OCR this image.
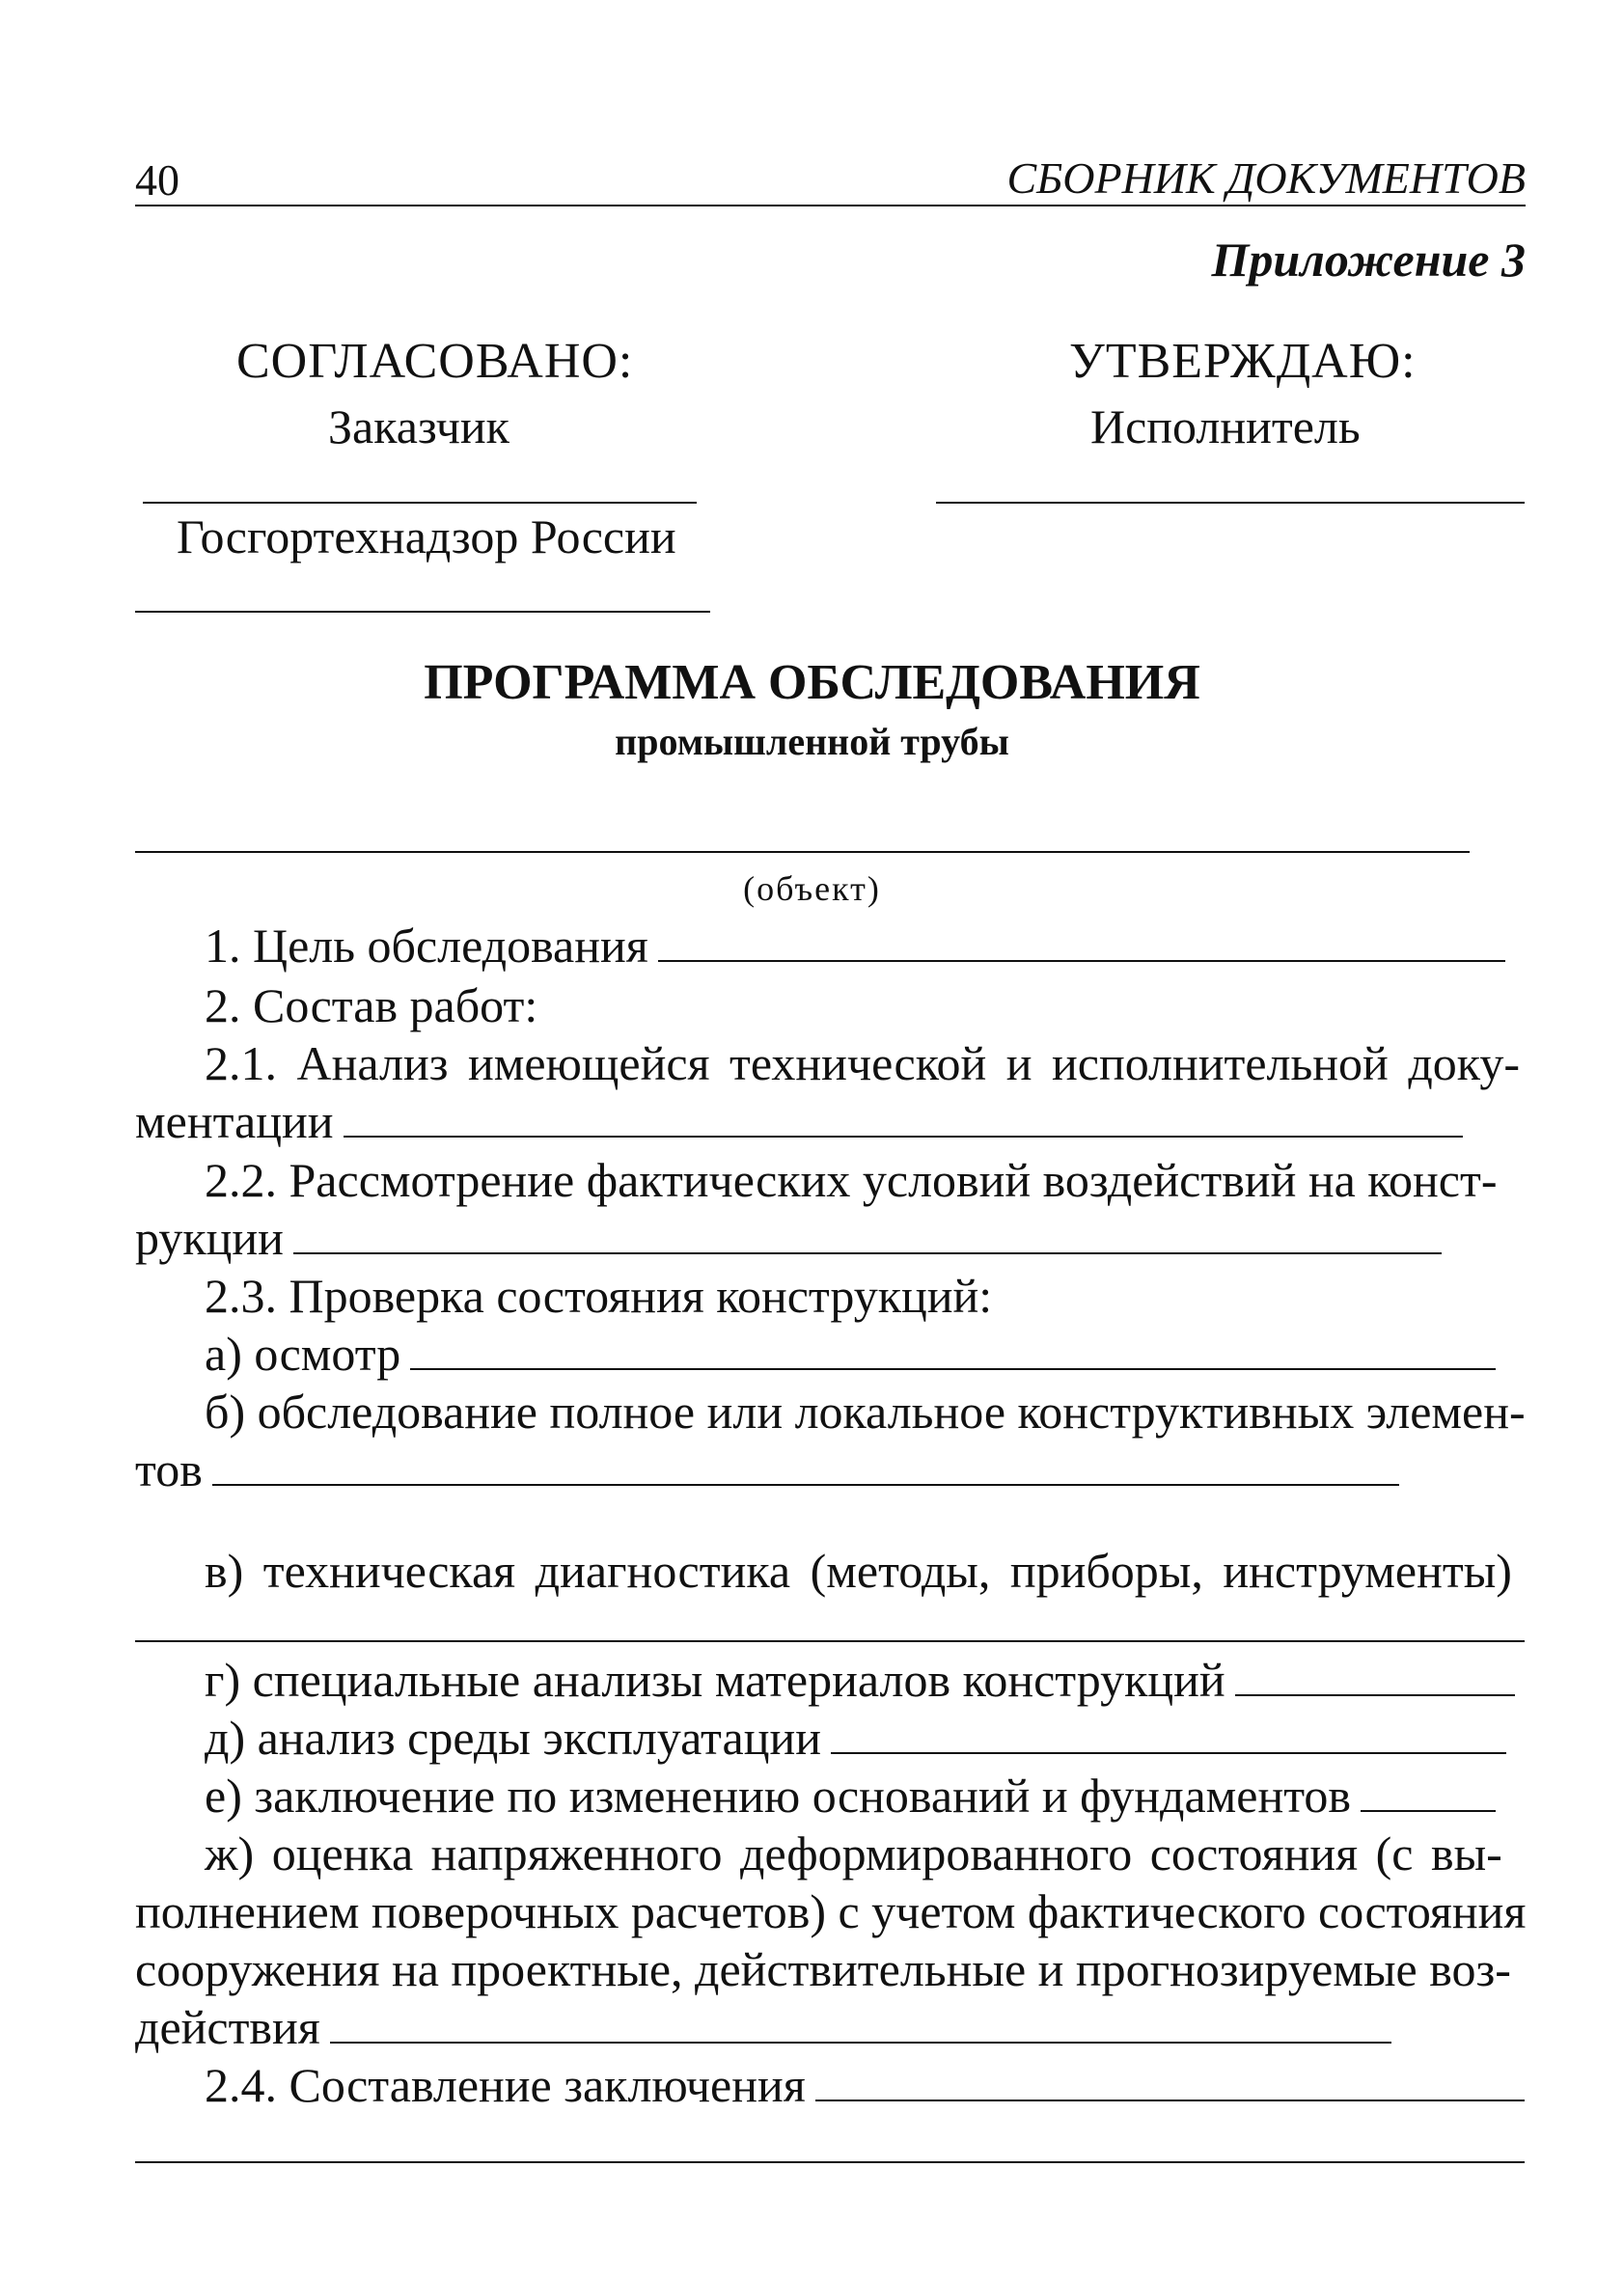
40	СБОРНИК ДОКУМЕНТОВ
Приложение 3
СОГЛАСОВАНО:
Заказчик
Госгортехнадзор России
УТВЕРЖДАЮ:
Исполнитель
ПРОГРАММА ОБСЛЕДОВАНИЯ
промышленной трубы
(объект)
1. Цель обследования
2. Состав работ:
2.1. Анализ имеющейся технической и исполнительной доку-
ментации
2.2. Рассмотрение фактических условий воздействий на конст-
рукции
2.3. Проверка состояния конструкций:
а) осмотр
б) обследование полное или локальное конструктивных элемен-
тов
в) техническая диагностика (методы, приборы, инструменты)
г) специальные анализы материалов конструкций
д) анализ среды эксплуатации
е) заключение по изменению оснований и фундаментов
ж) оценка напряженного деформированного состояния (с вы-
полнением поверочных расчетов) с учетом фактического состояния
сооружения на проектные, действительные и прогнозируемые воз-
действия
2.4. Составление заключения
